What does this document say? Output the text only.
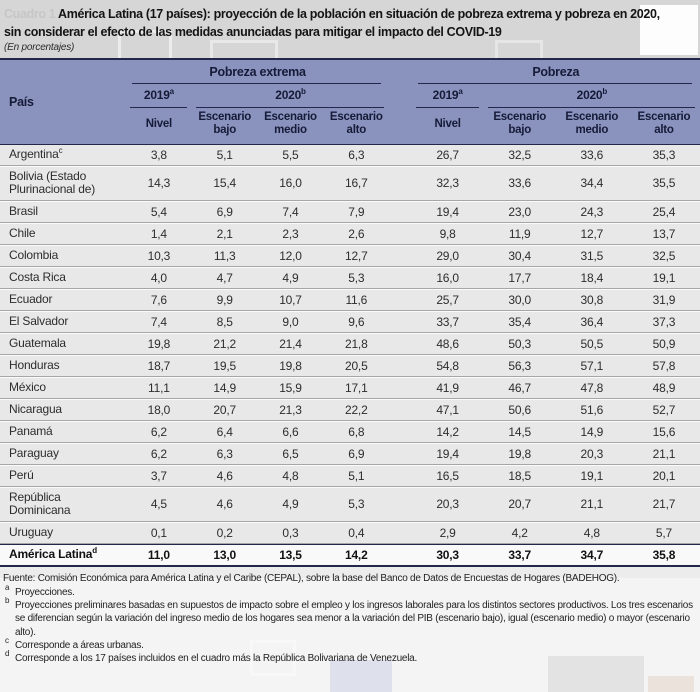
Cuadro 1 América Latina (17 países): proyección de la población en situación de pobreza extrema y pobreza en 2020,
sin considerar el efecto de las medidas anunciadas para mitigar el impacto del COVID-19
(En porcentajes)
País	Pobreza extrema					Pobreza			
	2019$^a$	2020$^b$				2019$^a$	2020$^b$
	Nivel	Escenario bajo	Escenario medio	Escenario alto		Nivel	Escenario bajo	Escenario medio	Escenario alto
Argentina$^c$	3,8	5,1	5,5	6,3		26,7	32,5	33,6	35,3
Bolivia (Estado Plurinacional de)	14,3	15,4	16,0	16,7		32,3	33,6	34,4	35,5
Brasil	5,4	6,9	7,4	7,9		19,4	23,0	24,3	25,4
Chile	1,4	2,1	2,3	2,6		9,8	11,9	12,7	13,7
Colombia	10,3	11,3	12,0	12,7		29,0	30,4	31,5	32,5
Costa Rica	4,0	4,7	4,9	5,3		16,0	17,7	18,4	19,1
Ecuador	7,6	9,9	10,7	11,6		25,7	30,0	30,8	31,9
El Salvador	7,4	8,5	9,0	9,6		33,7	35,4	36,4	37,3
Guatemala	19,8	21,2	21,4	21,8		48,6	50,3	50,5	50,9
Honduras	18,7	19,5	19,8	20,5		54,8	56,3	57,1	57,8
México	11,1	14,9	15,9	17,1		41,9	46,7	47,8	48,9
Nicaragua	18,0	20,7	21,3	22,2		47,1	50,6	51,6	52,7
Panamá	6,2	6,4	6,6	6,8		14,2	14,5	14,9	15,6
Paraguay	6,2	6,3	6,5	6,9		19,4	19,8	20,3	21,1
Perú	3,7	4,6	4,8	5,1		16,5	18,5	19,1	20,1
República Dominicana	4,5	4,6	4,9	5,3		20,3	20,7	21,1	21,7
Uruguay	0,1	0,2	0,3	0,4		2,9	4,2	4,8	5,7
América Latina$^d$	11,0	13,0	13,5	14,2		30,3	33,7	34,7	35,8
Fuente: Comisión Económica para América Latina y el Caribe (CEPAL), sobre la base del Banco de Datos de Encuestas de Hogares (BADEHOG).
a Proyecciones.
b Proyecciones preliminares basadas en supuestos de impacto sobre el empleo y los ingresos laborales para los distintos sectores productivos. Los tres escenarios se diferencian según la variación del ingreso medio de los hogares sea menor a la variación del PIB (escenario bajo), igual (escenario medio) o mayor (escenario alto).
c Corresponde a áreas urbanas.
d Corresponde a los 17 países incluidos en el cuadro más la República Bolivariana de Venezuela.
